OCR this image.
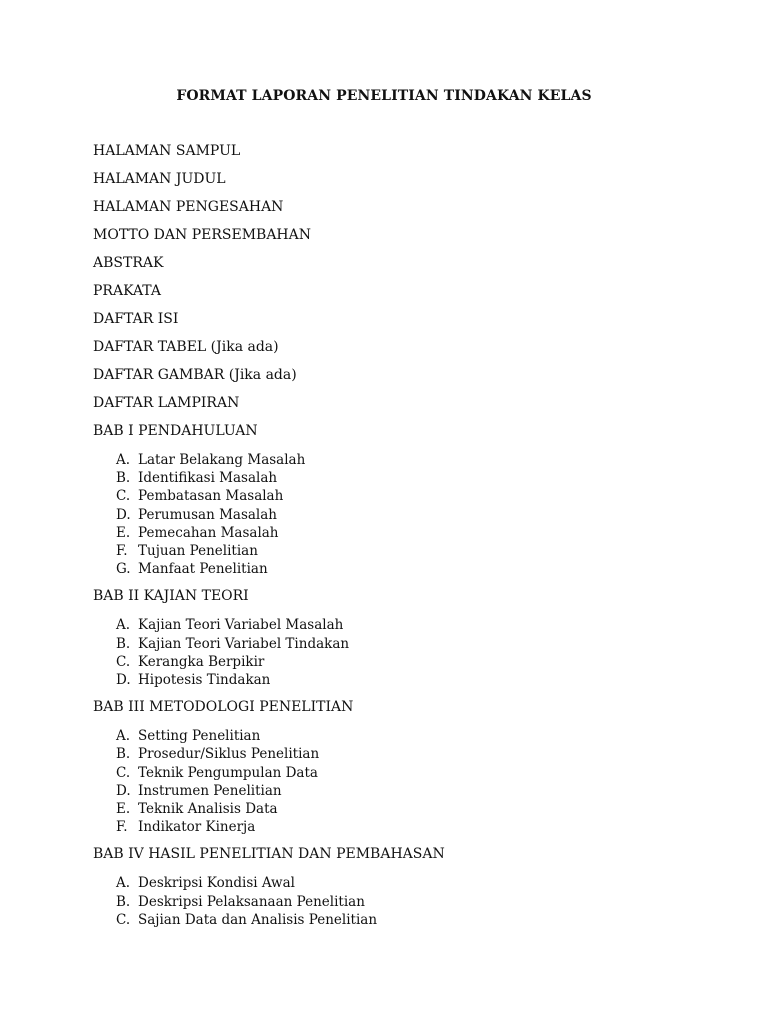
FORMAT LAPORAN PENELITIAN TINDAKAN KELAS
HALAMAN SAMPUL
HALAMAN JUDUL
HALAMAN PENGESAHAN
MOTTO DAN PERSEMBAHAN
ABSTRAK
PRAKATA
DAFTAR ISI
DAFTAR TABEL (Jika ada)
DAFTAR GAMBAR (Jika ada)
DAFTAR LAMPIRAN
BAB I PENDAHULUAN
A. Latar Belakang Masalah
B. Identifikasi Masalah
C. Pembatasan Masalah
D. Perumusan Masalah
E. Pemecahan Masalah
F. Tujuan Penelitian
G. Manfaat Penelitian
BAB II KAJIAN TEORI
A. Kajian Teori Variabel Masalah
B. Kajian Teori Variabel Tindakan
C. Kerangka Berpikir
D. Hipotesis Tindakan
BAB III METODOLOGI PENELITIAN
A. Setting Penelitian
B. Prosedur/Siklus Penelitian
C. Teknik Pengumpulan Data
D. Instrumen Penelitian
E. Teknik Analisis Data
F. Indikator Kinerja
BAB IV HASIL PENELITIAN DAN PEMBAHASAN
A. Deskripsi Kondisi Awal
B. Deskripsi Pelaksanaan Penelitian
C. Sajian Data dan Analisis Penelitian
